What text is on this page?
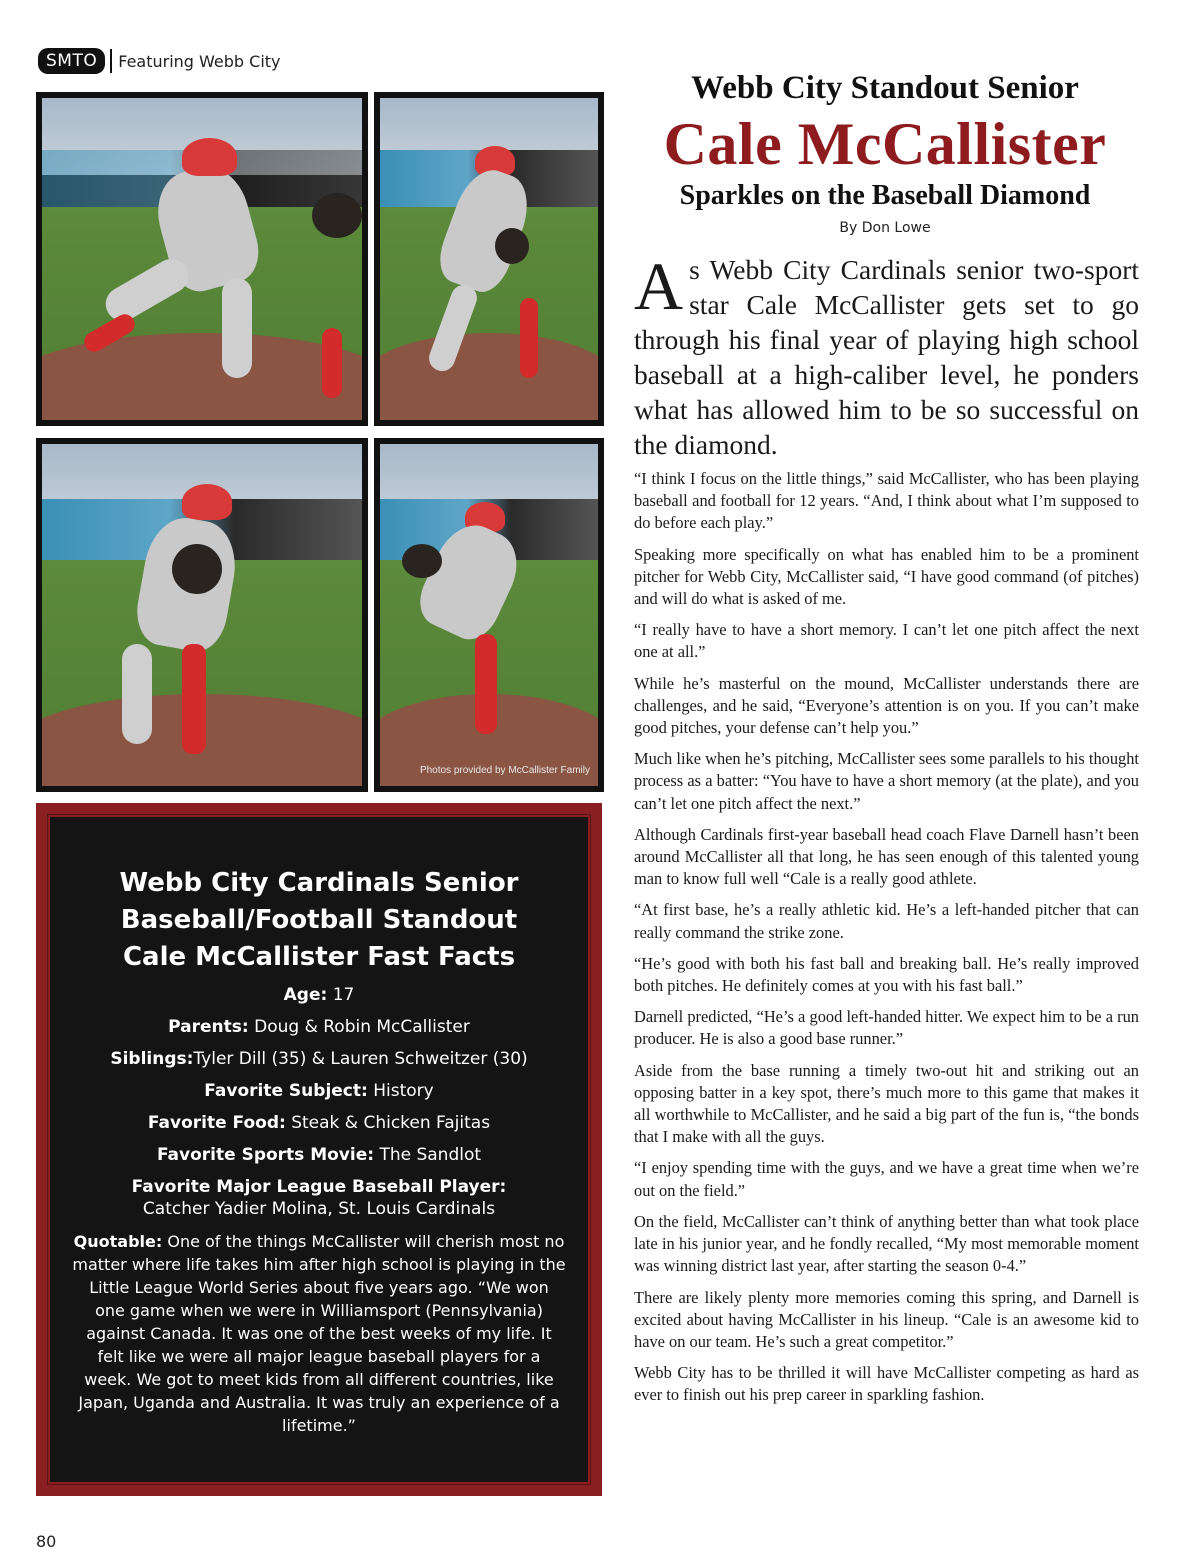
SMTO	Featuring Webb City
Photos provided by McCallister Family
Webb City Cardinals Senior
Baseball/Football Standout
Cale McCallister Fast Facts
Age: 17
Parents: Doug & Robin McCallister
Siblings:Tyler Dill (35) & Lauren Schweitzer (30)
Favorite Subject: History
Favorite Food: Steak & Chicken Fajitas
Favorite Sports Movie: The Sandlot
Favorite Major League Baseball Player:
Catcher Yadier Molina, St. Louis Cardinals
Quotable: One of the things McCallister will cherish most no matter where life takes him after high school is playing in the Little League World Series about five years ago. “We won one game when we were in Williamsport (Pennsylvania) against Canada. It was one of the best weeks of my life. It felt like we were all major league baseball players for a week. We got to meet kids from all different countries, like Japan, Uganda and Australia. It was truly an experience of a lifetime.”
Webb City Standout Senior
Cale McCallister
Sparkles on the Baseball Diamond
By Don Lowe

As Webb City Cardinals senior two-sport star Cale McCallister gets set to go through his final year of playing high school baseball at a high-caliber level, he ponders what has allowed him to be so successful on the diamond.

“I think I focus on the little things,” said McCallister, who has been playing baseball and football for 12 years. “And, I think about what I’m supposed to do before each play.”

Speaking more specifically on what has enabled him to be a prominent pitcher for Webb City, McCallister said, “I have good command (of pitches) and will do what is asked of me.

“I really have to have a short memory. I can’t let one pitch affect the next one at all.”

While he’s masterful on the mound, McCallister understands there are challenges, and he said, “Everyone’s attention is on you. If you can’t make good pitches, your defense can’t help you.”

Much like when he’s pitching, McCallister sees some parallels to his thought process as a batter: “You have to have a short memory (at the plate), and you can’t let one pitch affect the next.”

Although Cardinals first-year baseball head coach Flave Darnell hasn’t been around McCallister all that long, he has seen enough of this talented young man to know full well “Cale is a really good athlete.

“At first base, he’s a really athletic kid. He’s a left-handed pitcher that can really command the strike zone.

“He’s good with both his fast ball and breaking ball. He’s really improved both pitches. He definitely comes at you with his fast ball.”

Darnell predicted, “He’s a good left-handed hitter. We expect him to be a run producer. He is also a good base runner.”

Aside from the base running a timely two-out hit and striking out an opposing batter in a key spot, there’s much more to this game that makes it all worthwhile to McCallister, and he said a big part of the fun is, “the bonds that I make with all the guys.

“I enjoy spending time with the guys, and we have a great time when we’re out on the field.”

On the field, McCallister can’t think of anything better than what took place late in his junior year, and he fondly recalled, “My most memorable moment was winning district last year, after starting the season 0-4.”

There are likely plenty more memories coming this spring, and Darnell is excited about having McCallister in his lineup. “Cale is an awesome kid to have on our team. He’s such a great competitor.”

Webb City has to be thrilled it will have McCallister competing as hard as ever to finish out his prep career in sparkling fashion.

80
